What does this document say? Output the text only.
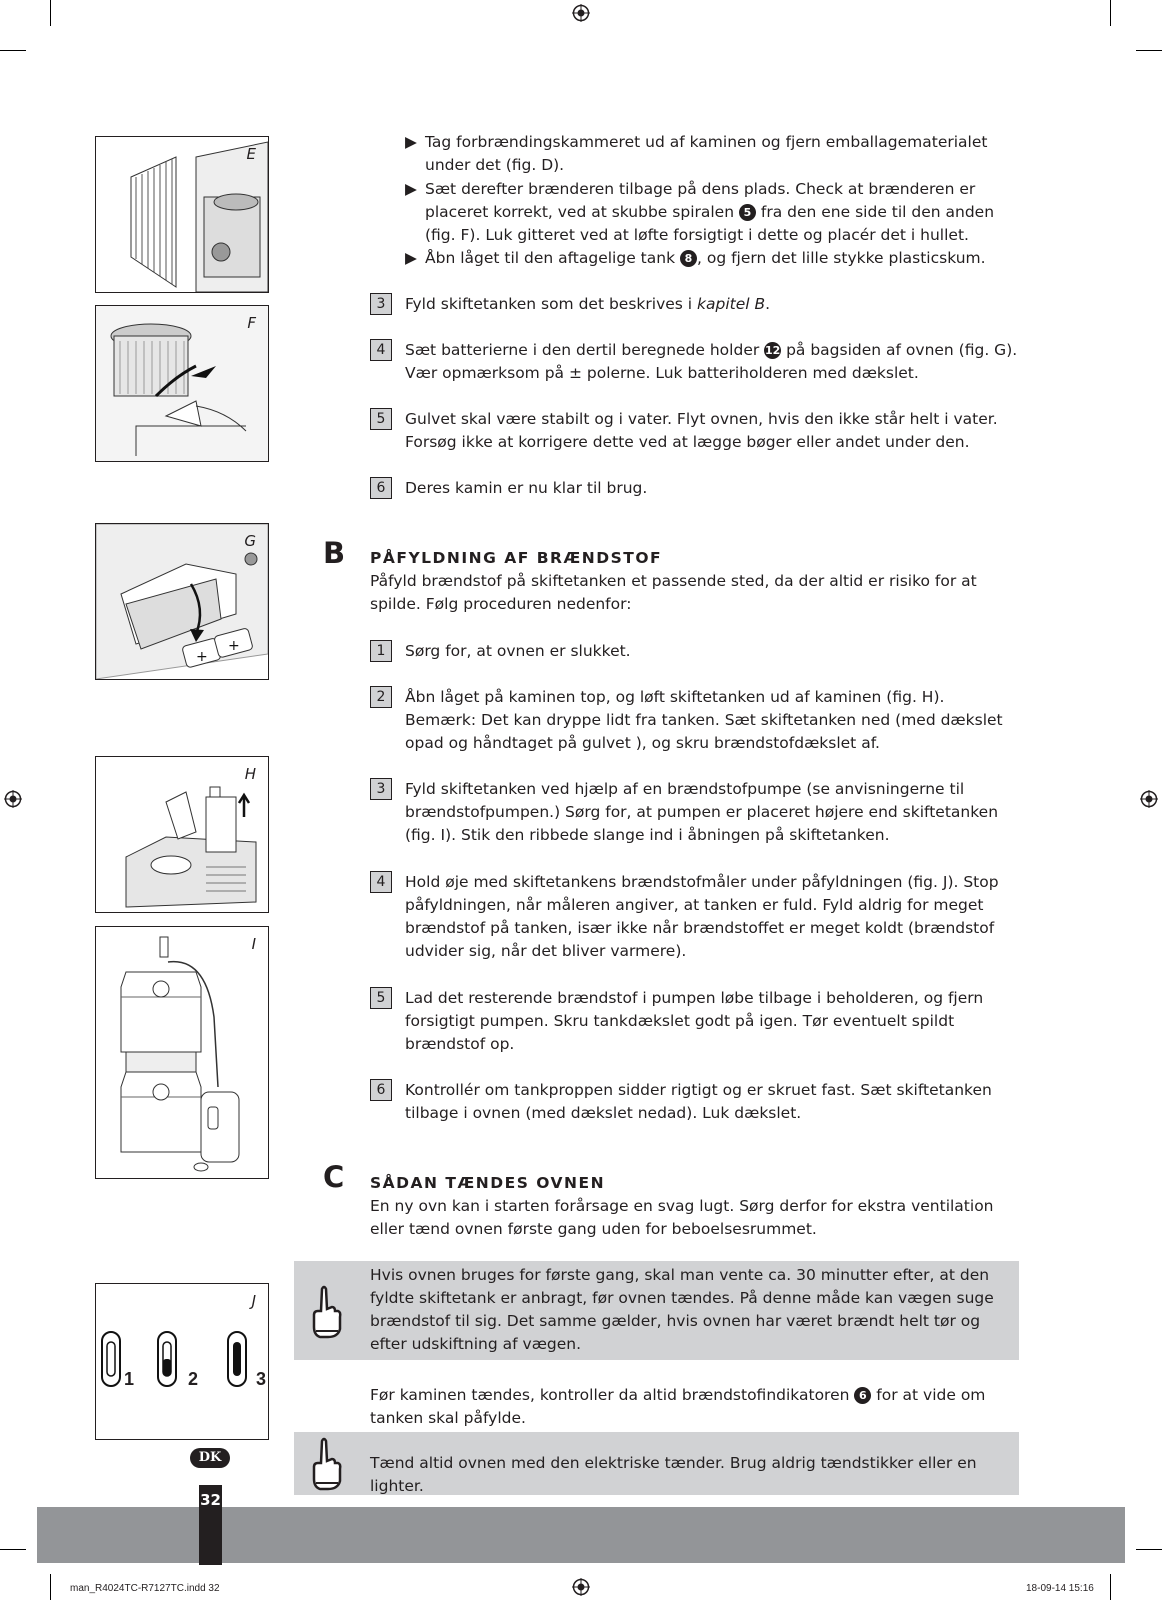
E
F
+
+
G
H
I
J
1	2	3
▶ Tag forbrændingskammeret ud af kaminen og fjern emballagematerialet under det (fig. D).
▶ Sæt derefter brænderen tilbage på dens plads. Check at brænderen er placeret korrekt, ved at skubbe spiralen 5 fra den ene side til den anden (fig. F). Luk gitteret ved at løfte forsigtigt i dette og placér det i hullet.
▶ Åbn låget til den aftagelige tank 8 , og fjern det lille stykke plasticskum.
3	Fyld skiftetanken som det beskrives i kapitel B.
4	Sæt batterierne i den dertil beregnede holder 12 på bagsiden af ovnen (fig. G). Vær opmærksom på ± polerne. Luk batteriholderen med dækslet.
5	Gulvet skal være stabilt og i vater. Flyt ovnen, hvis den ikke står helt i vater. Forsøg ikke at korrigere dette ved at lægge bøger eller andet under den.
6	Deres kamin er nu klar til brug.
B PÅFYLDNING AF BRÆNDSTOF
Påfyld brændstof på skiftetanken et passende sted, da der altid er risiko for at spilde. Følg proceduren nedenfor:
1	Sørg for, at ovnen er slukket.
2	Åbn låget på kaminen top, og løft skiftetanken ud af kaminen (fig. H). Bemærk: Det kan dryppe lidt fra tanken. Sæt skiftetanken ned (med dækslet opad og håndtaget på gulvet ), og skru brændstofdækslet af.
3	Fyld skiftetanken ved hjælp af en brændstofpumpe (se anvisningerne til brændstofpumpen.) Sørg for, at pumpen er placeret højere end skiftetanken (fig. I). Stik den ribbede slange ind i åbningen på skiftetanken.
4	Hold øje med skiftetankens brændstofmåler under påfyldningen (fig. J). Stop påfyldningen, når måleren angiver, at tanken er fuld. Fyld aldrig for meget brændstof på tanken, især ikke når brændstoffet er meget koldt (brændstof udvider sig, når det bliver varmere).
5	Lad det resterende brændstof i pumpen løbe tilbage i beholderen, og fjern forsigtigt pumpen. Skru tankdækslet godt på igen. Tør eventuelt spildt brændstof op.
6	Kontrollér om tankproppen sidder rigtigt og er skruet fast. Sæt skiftetanken tilbage i ovnen (med dækslet nedad). Luk dækslet.
C SÅDAN TÆNDES OVNEN
En ny ovn kan i starten forårsage en svag lugt. Sørg derfor for ekstra ventilation eller tænd ovnen første gang uden for beboelsesrummet.
Hvis ovnen bruges for første gang, skal man vente ca. 30 minutter efter, at den fyldte skiftetank er anbragt, før ovnen tændes. På denne måde kan vægen suge brændstof til sig. Det samme gælder, hvis ovnen har været brændt helt tør og efter udskiftning af vægen.
Før kaminen tændes, kontroller da altid brændstofindikatoren 6 for at vide om tanken skal påfylde.
Tænd altid ovnen med den elektriske tænder. Brug aldrig tændstikker eller en lighter.
32
DK
man_R4024TC-R7127TC.indd 32	18-09-14 15:16
